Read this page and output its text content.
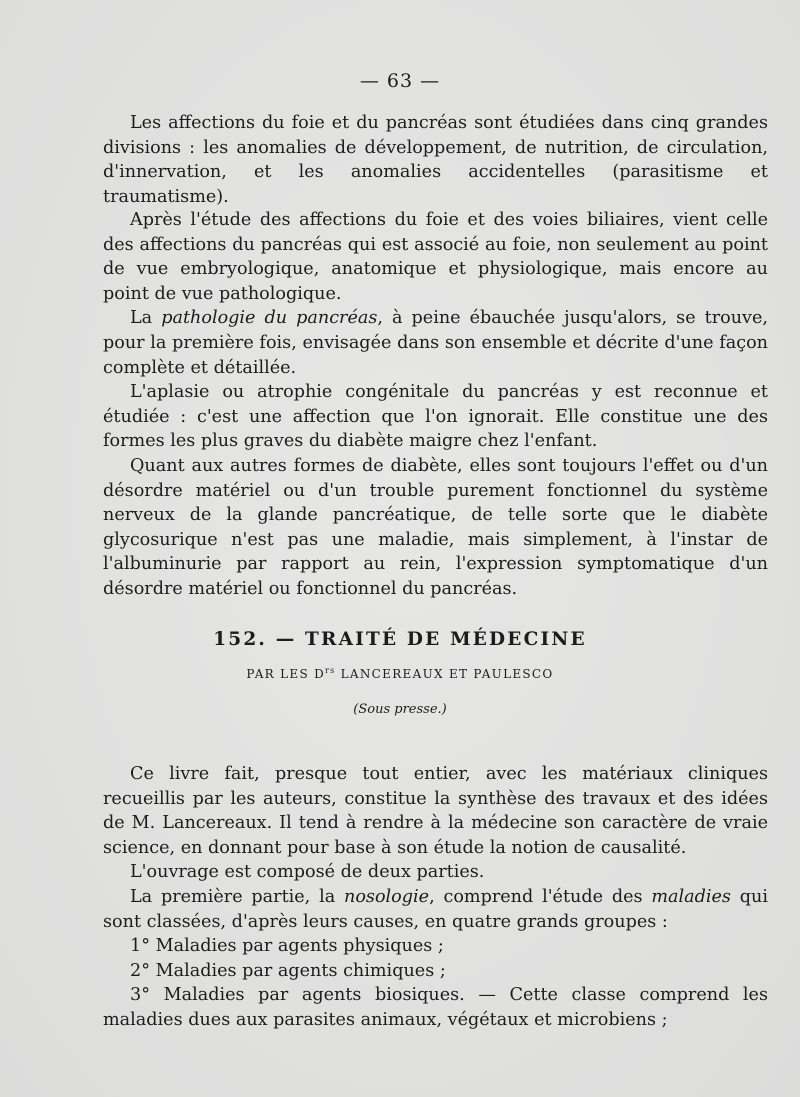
— 63 —

Les affections du foie et du pancréas sont étudiées dans cinq grandes divisions : les anomalies de développement, de nutrition, de circulation, d'innervation, et les anomalies accidentelles (parasitisme et traumatisme).

Après l'étude des affections du foie et des voies biliaires, vient celle des affections du pancréas qui est associé au foie, non seulement au point de vue embryologique, anatomique et physiologique, mais encore au point de vue pathologique.

La pathologie du pancréas, à peine ébauchée jusqu'alors, se trouve, pour la première fois, envisagée dans son ensemble et décrite d'une façon complète et détaillée.

L'aplasie ou atrophie congénitale du pancréas y est reconnue et étudiée : c'est une affection que l'on ignorait. Elle constitue une des formes les plus graves du diabète maigre chez l'enfant.

Quant aux autres formes de diabète, elles sont toujours l'effet ou d'un désordre matériel ou d'un trouble purement fonctionnel du système nerveux de la glande pancréatique, de telle sorte que le diabète glycosurique n'est pas une maladie, mais simplement, à l'instar de l'albuminurie par rapport au rein, l'expression symptomatique d'un désordre matériel ou fonctionnel du pancréas.

152. — TRAITÉ DE MÉDECINE
PAR LES $D^{rs}$ LANCEREAUX ET PAULESCO
(Sous presse.)

Ce livre fait, presque tout entier, avec les matériaux cliniques recueillis par les auteurs, constitue la synthèse des travaux et des idées de M. Lancereaux. Il tend à rendre à la médecine son caractère de vraie science, en donnant pour base à son étude la notion de causalité.

L'ouvrage est composé de deux parties.

La première partie, la nosologie, comprend l'étude des maladies qui sont classées, d'après leurs causes, en quatre grands groupes :

1° Maladies par agents physiques ;

2° Maladies par agents chimiques ;

3° Maladies par agents biosiques. — Cette classe comprend les maladies dues aux parasites animaux, végétaux et microbiens ;
